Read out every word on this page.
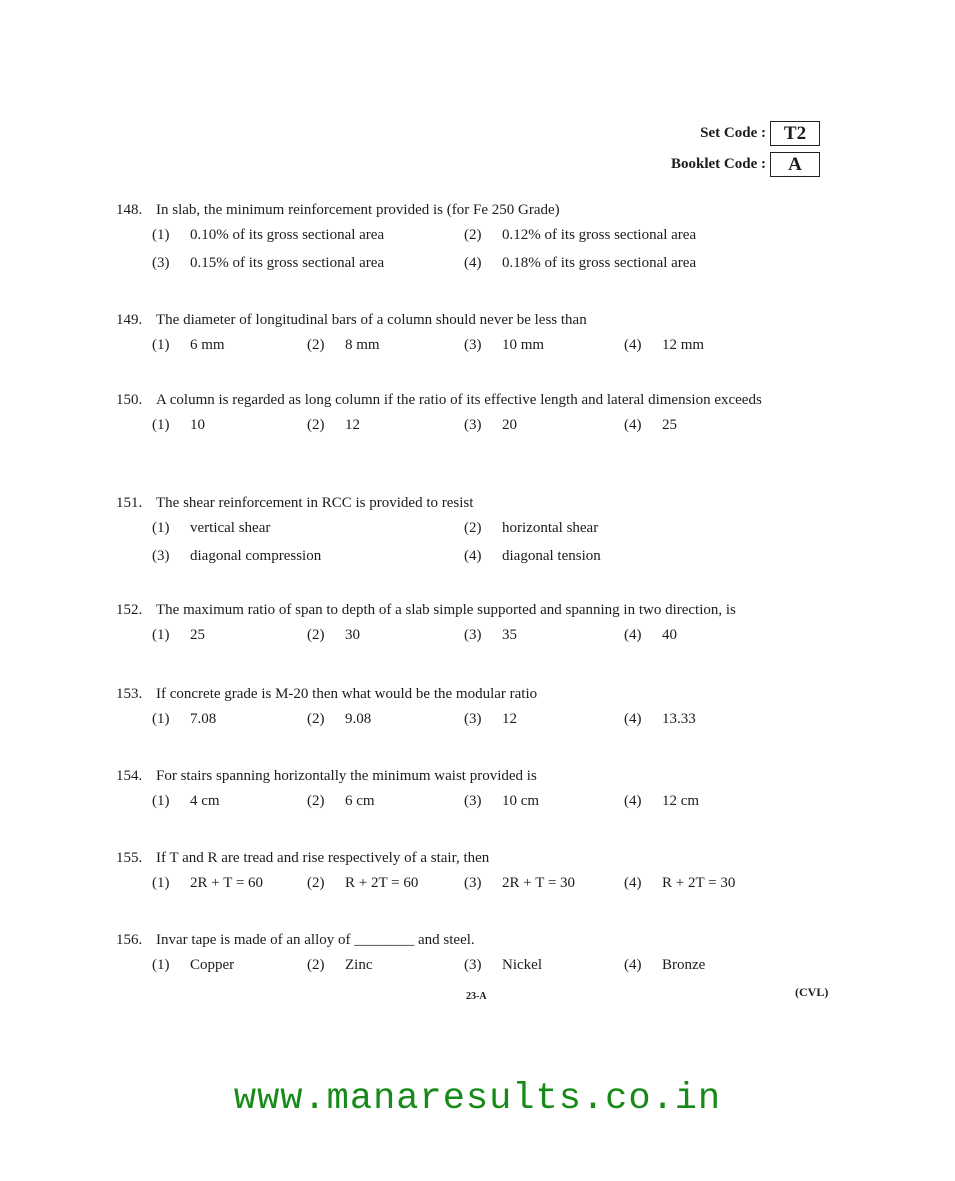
Set Code : T2
Booklet Code :	A
148. In slab, the minimum reinforcement provided is (for Fe 250 Grade)
(1) 0.10% of its gross sectional area	(2) 0.12% of its gross sectional area
(3) 0.15% of its gross sectional area	(4) 0.18% of its gross sectional area
149. The diameter of longitudinal bars of a column should never be less than
(1) 6 mm	(2) 8 mm	(3) 10 mm	(4) 12 mm
150. A column is regarded as long column if the ratio of its effective length and lateral dimension exceeds
(1) 10	(2) 12	(3) 20	(4) 25
151. The shear reinforcement in RCC is provided to resist
(1) vertical shear	(2) horizontal shear
(3) diagonal compression	(4) diagonal tension
152. The maximum ratio of span to depth of a slab simple supported and spanning in two direction, is
(1) 25	(2) 30	(3) 35	(4) 40
153. If concrete grade is M-20 then what would be the modular ratio
(1) 7.08	(2) 9.08	(3) 12	(4) 13.33
154. For stairs spanning horizontally the minimum waist provided is
(1) 4 cm	(2) 6 cm	(3) 10 cm	(4) 12 cm
155. If T and R are tread and rise respectively of a stair, then
(1) 2R + T = 60	(2) R + 2T = 60	(3) 2R + T = 30	(4) R + 2T = 30
156. Invar tape is made of an alloy of ________ and steel.
(1) Copper	(2) Zinc	(3) Nickel	(4) Bronze
23-A	(CVL)
www.manaresults.co.in
